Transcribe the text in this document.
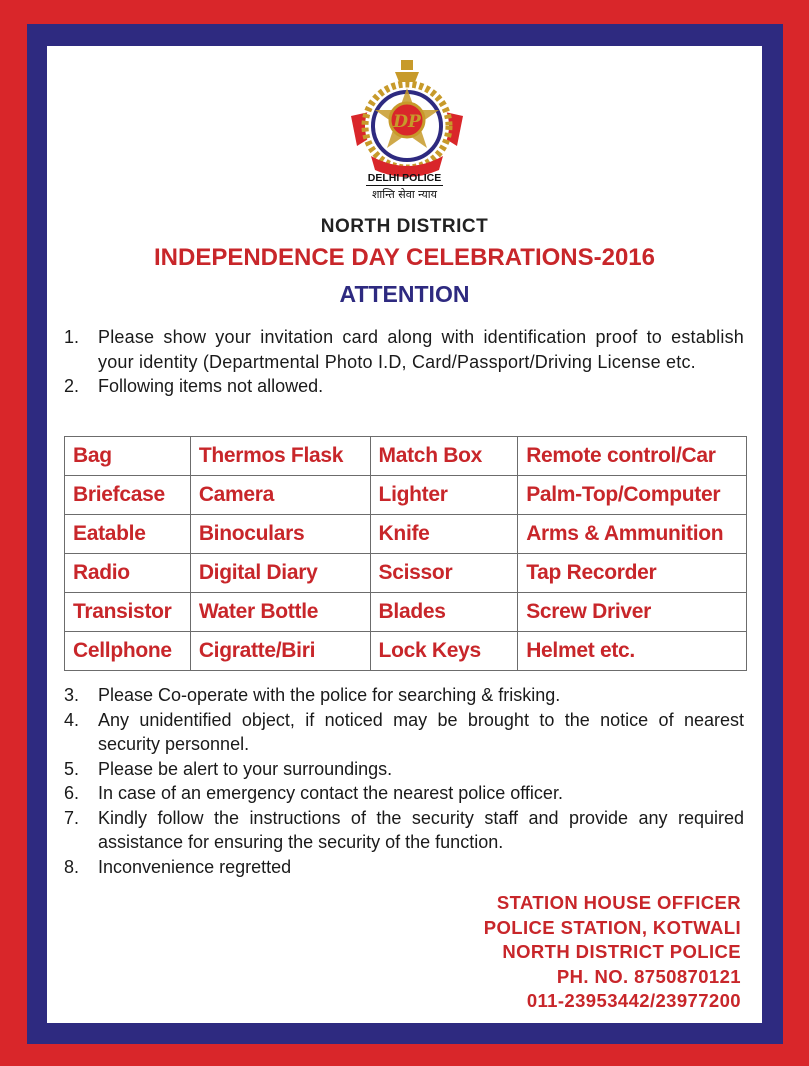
DP
DELHI POLICE
शान्ति सेवा न्याय
NORTH DISTRICT
INDEPENDENCE DAY CELEBRATIONS-2016
ATTENTION
1. Please show your invitation card along with identification proof to establish your identity (Departmental Photo I.D, Card/Passport/Driving License etc.
2. Following items not allowed.
Bag	Thermos Flask	Match Box	Remote control/Car
Briefcase	Camera	Lighter	Palm-Top/Computer
Eatable	Binoculars	Knife	Arms & Ammunition
Radio	Digital Diary	Scissor	Tap Recorder
Transistor	Water Bottle	Blades	Screw Driver
Cellphone	Cigratte/Biri	Lock Keys	Helmet etc.
3. Please Co-operate with the police for searching & frisking.
4. Any unidentified object, if noticed may be brought to the notice of nearest security personnel.
5. Please be alert to your surroundings.
6. In case of an emergency contact the nearest police officer.
7. Kindly follow the instructions of the security staff and provide any required assistance for ensuring the security of the function.
8. Inconvenience regretted
STATION HOUSE OFFICER
POLICE STATION, KOTWALI
NORTH DISTRICT POLICE
PH. NO. 8750870121
011-23953442/23977200
